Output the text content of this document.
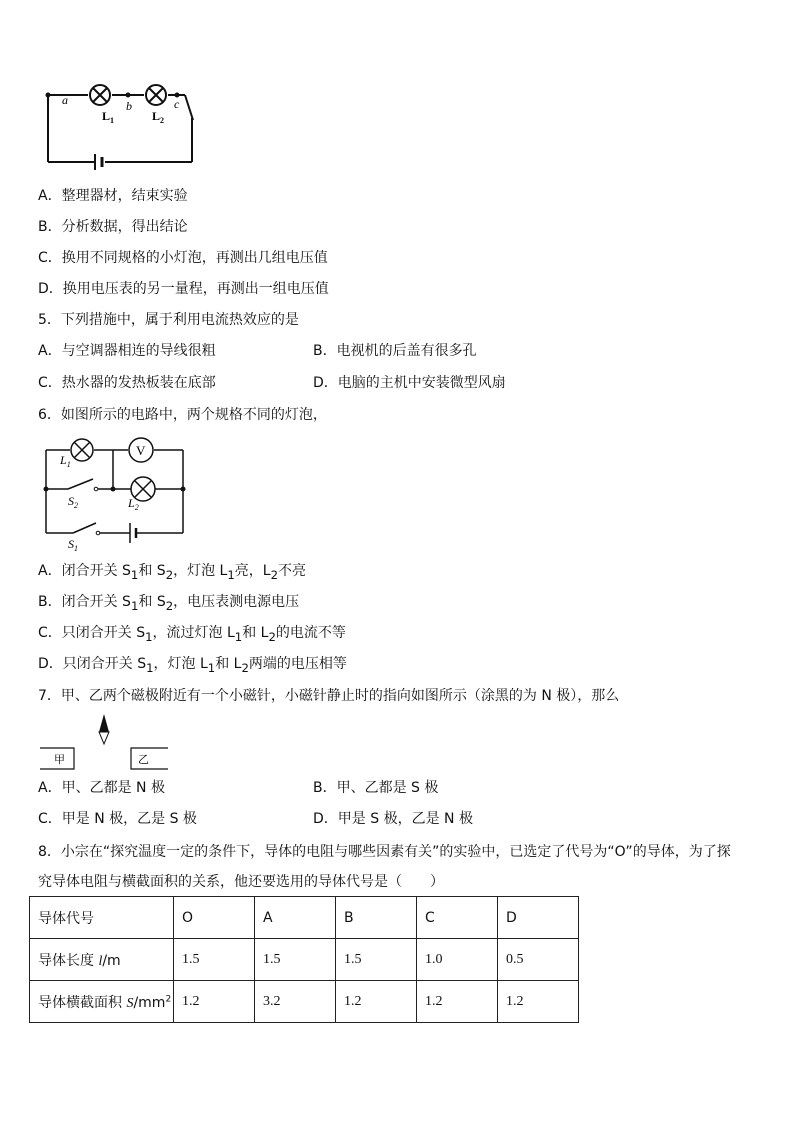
a	b	c
$L_1$	$L_2$
A．整理器材，结束实验
B．分析数据，得出结论
C．换用不同规格的小灯泡，再测出几组电压值
D．换用电压表的另一量程，再测出一组电压值
5．下列措施中，属于利用电流热效应的是
A．与空调器相连的导线很粗	B．电视机的后盖有很多孔
C．热水器的发热板装在底部	D．电脑的主机中安装微型风扇
6．如图所示的电路中，两个规格不同的灯泡，
V
$L_1$
$S_2$	$L_2$
$S_1$
A．闭合开关 $S_1$和 $S_2$，灯泡 $L_1$亮，$L_2$不亮
B．闭合开关 $S_1$和 $S_2$，电压表测电源电压
C．只闭合开关 $S_1$，流过灯泡 $L_1$和 $L_2$的电流不等
D．只闭合开关 $S_1$，灯泡 $L_1$和 $L_2$两端的电压相等
7．甲、乙两个磁极附近有一个小磁针，小磁针静止时的指向如图所示（涂黑的为 N 极），那么
甲	乙
A．甲、乙都是 N 极	B．甲、乙都是 S 极
C．甲是 N 极，乙是 S 极	D．甲是 S 极，乙是 N 极
8．小宗在“探究温度一定的条件下，导体的电阻与哪些因素有关”的实验中，已选定了代号为“O”的导体，为了探
究导体电阻与横截面积的关系，他还要选用的导体代号是（　　）
导体代号	O	A	B	C	D
导体长度 l/m	1.5	1.5	1.5	1.0	0.5
导体横截面积 $S/mm^2$	1.2	3.2	1.2	1.2	1.2
